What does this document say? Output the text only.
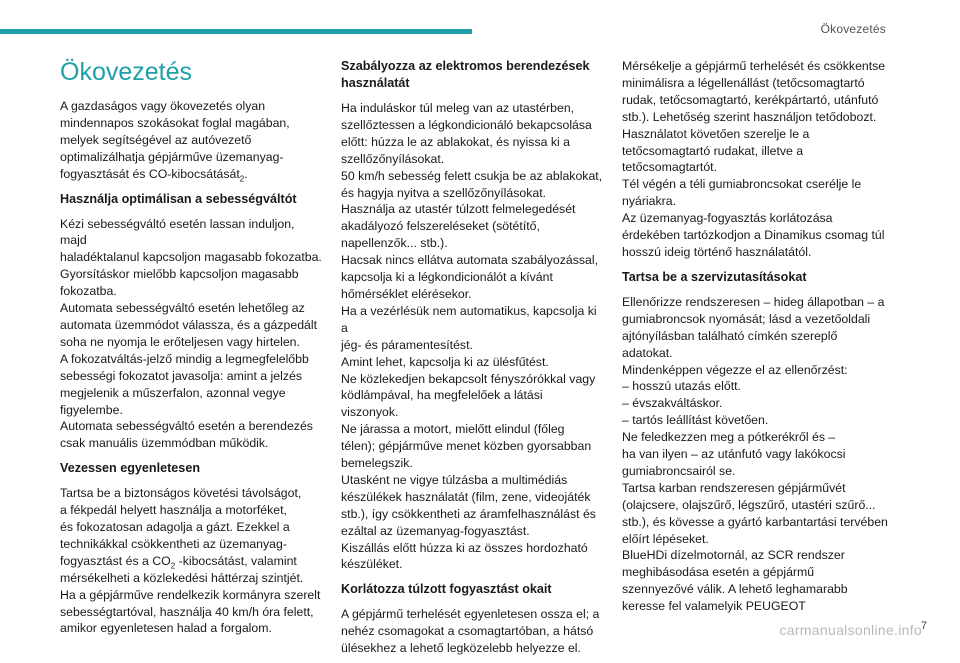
Ökovezetés
Ökovezetés

A gazdaságos vagy ökovezetés olyan
mindennapos szokásokat foglal magában,
melyek segítségével az autóvezető
optimalizálhatja gépjárműve üzemanyag-
fogyasztását és CO-kibocsátását$_2$.

Használja optimálisan a sebességváltót

Kézi sebességváltó esetén lassan induljon, majd
haladéktalanul kapcsoljon magasabb fokozatba.
Gyorsításkor mielőbb kapcsoljon magasabb
fokozatba.
Automata sebességváltó esetén lehetőleg az
automata üzemmódot válassza, és a gázpedált
soha ne nyomja le erőteljesen vagy hirtelen.
A fokozatváltás-jelző mindig a legmegfelelőbb
sebességi fokozatot javasolja: amint a jelzés
megjelenik a műszerfalon, azonnal vegye
figyelembe.
Automata sebességváltó esetén a berendezés
csak manuális üzemmódban működik.

Vezessen egyenletesen

Tartsa be a biztonságos követési távolságot,
a fékpedál helyett használja a motorféket,
és fokozatosan adagolja a gázt. Ezekkel a
technikákkal csökkentheti az üzemanyag-
fogyasztást és a $CO_2$ -kibocsátást, valamint
mérsékelheti a közlekedési háttérzaj szintjét.
Ha a gépjárműve rendelkezik kormányra szerelt
sebességtartóval, használja 40 km/h óra felett,
amikor egyenletesen halad a forgalom.

Szabályozza az elektromos berendezések
használatát

Ha induláskor túl meleg van az utastérben,
szellőztessen a légkondicionáló bekapcsolása
előtt: húzza le az ablakokat, és nyissa ki a
szellőzőnyílásokat.
50 km/h sebesség felett csukja be az ablakokat,
és hagyja nyitva a szellőzőnyílásokat.
Használja az utastér túlzott felmelegedését
akadályozó felszereléseket (sötétítő,
napellenzők... stb.).
Hacsak nincs ellátva automata szabályozással,
kapcsolja ki a légkondicionálót a kívánt
hőmérséklet elérésekor.
Ha a vezérlésük nem automatikus, kapcsolja ki a
jég- és páramentesítést.
Amint lehet, kapcsolja ki az ülésfűtést.
Ne közlekedjen bekapcsolt fényszórókkal vagy
ködlámpával, ha megfelelőek a látási viszonyok.
Ne járassa a motort, mielőtt elindul (főleg
télen); gépjárműve menet közben gyorsabban
bemelegszik.
Utasként ne vigye túlzásba a multimédiás
készülékek használatát (film, zene, videojáték
stb.), így csökkentheti az áramfelhasználást és
ezáltal az üzemanyag-fogyasztást.
Kiszállás előtt húzza ki az összes hordozható
készüléket.

Korlátozza túlzott fogyasztást okait

A gépjármű terhelését egyenletesen ossza el; a
nehéz csomagokat a csomagtartóban, a hátsó
ülésekhez a lehető legközelebb helyezze el.

Mérsékelje a gépjármű terhelését és csökkentse
minimálisra a légellenállást (tetőcsomagtartó
rudak, tetőcsomagtartó, kerékpártartó, utánfutó
stb.). Lehetőség szerint használjon tetődobozt.
Használatot követően szerelje le a
tetőcsomagtartó rudakat, illetve a
tetőcsomagtartót.
Tél végén a téli gumiabroncsokat cserélje le
nyáriakra.
Az üzemanyag-fogyasztás korlátozása
érdekében tartózkodjon a Dinamikus csomag túl
hosszú ideig történő használatától.

Tartsa be a szervizutasításokat

Ellenőrizze rendszeresen – hideg állapotban – a
gumiabroncsok nyomását; lásd a vezetőoldali
ajtónyílásban található címkén szereplő
adatokat.
Mindenképpen végezze el az ellenőrzést:
– hosszú utazás előtt.
– évszakváltáskor.
– tartós leállítást követően.
Ne feledkezzen meg a pótkerékről és –
ha van ilyen – az utánfutó vagy lakókocsi
gumiabroncsairól se.
Tartsa karban rendszeresen gépjárművét
(olajcsere, olajszűrő, légszűrő, utastéri szűrő...
stb.), és kövesse a gyártó karbantartási tervében
előírt lépéseket.
BlueHDi dízelmotornál, az SCR rendszer
meghibásodása esetén a gépjármű
szennyezővé válik. A lehető leghamarabb
keresse fel valamelyik PEUGEOT

7
carmanualsonline.info
